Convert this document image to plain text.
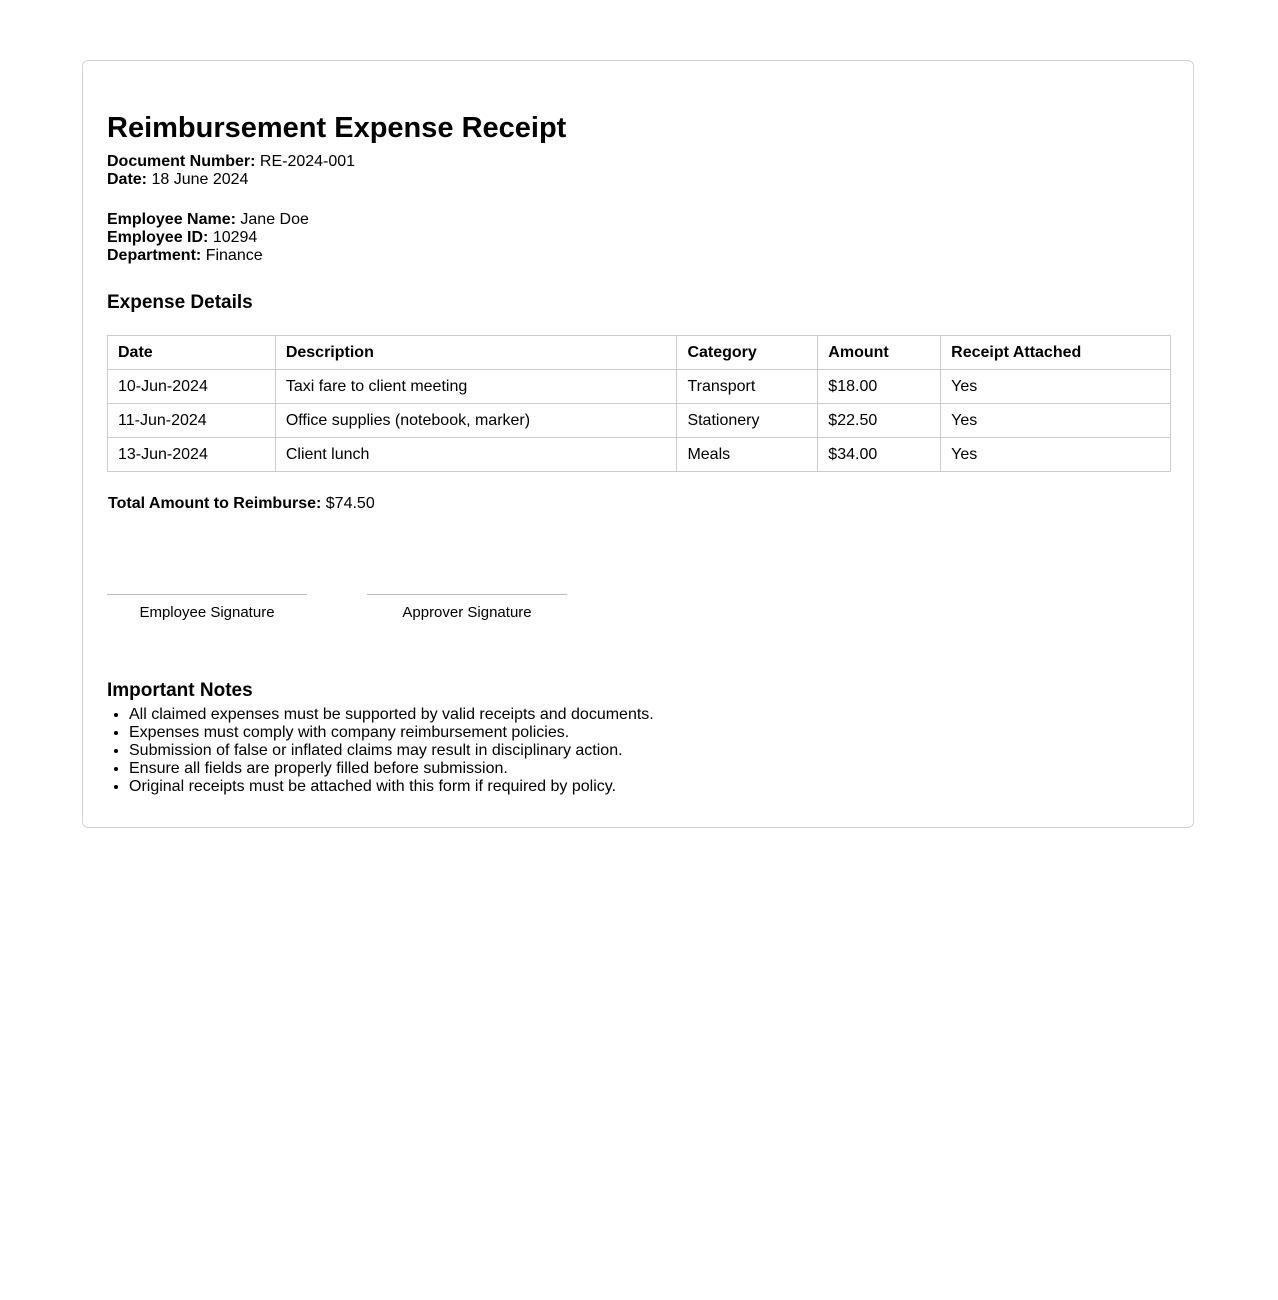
Reimbursement Expense Receipt
Document Number: RE-2024-001
Date: 18 June 2024
Employee Name: Jane Doe
Employee ID: 10294
Department: Finance
Expense Details
Date	Description	Category	Amount	Receipt Attached
10-Jun-2024	Taxi fare to client meeting	Transport	$18.00	Yes
11-Jun-2024	Office supplies (notebook, marker)	Stationery	$22.50	Yes
13-Jun-2024	Client lunch	Meals	$34.00	Yes
Total Amount to Reimburse: $74.50
Employee Signature	Approver Signature
Important Notes
• All claimed expenses must be supported by valid receipts and documents.
• Expenses must comply with company reimbursement policies.
• Submission of false or inflated claims may result in disciplinary action.
• Ensure all fields are properly filled before submission.
• Original receipts must be attached with this form if required by policy.
